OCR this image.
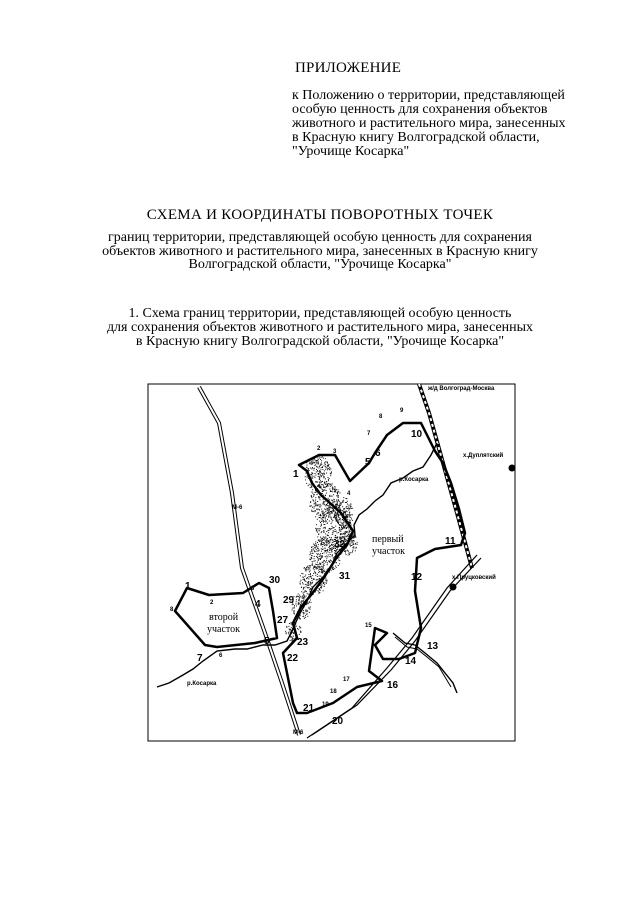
ПРИЛОЖЕНИЕ
к Положению о территории, представляющей
особую ценность для сохранения объектов
животного и растительного мира, занесенных
в Красную книгу Волгоградской области,
"Урочище Косарка"
СХЕМА И КООРДИНАТЫ ПОВОРОТНЫХ ТОЧЕК
границ территории, представляющей особую ценность для сохранения
объектов животного и растительного мира, занесенных в Красную книгу
Волгоградской области, "Урочище Косарка"
1. Схема границ территории, представляющей особую ценность
для сохранения объектов животного и растительного мира, занесенных
в Красную книгу Волгоградской области, "Урочище Косарка"
ж/д Волгоград-Москва
х.Дуплятский
х.Пруцковский
р.Косарка
р.Косарка
М-6
М-6
первый
участок
второй
участок
1
2 3
4
5
6
7
8
9
10
11
12
13
14
15
16
17
18
19
20
21
22
23
27
29
30	31
32
1
2
3
4
5
6
7
8
